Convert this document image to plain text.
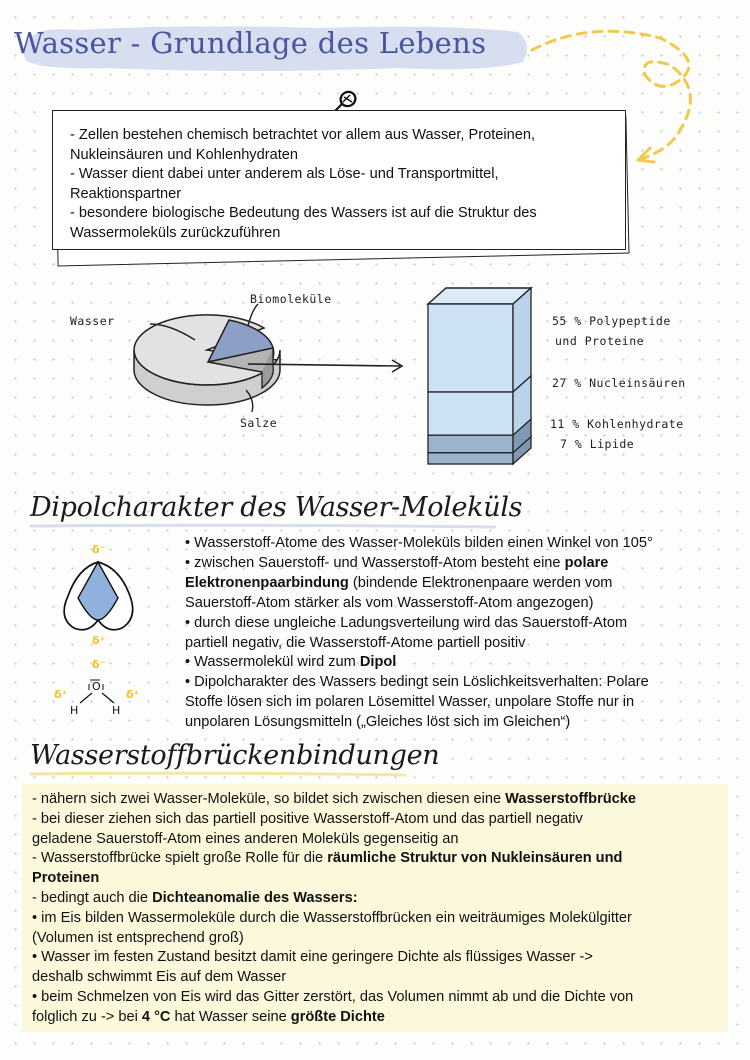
Wasser - Grundlage des Lebens
- Zellen bestehen chemisch betrachtet vor allem aus Wasser, Proteinen,
Nukleinsäuren und Kohlenhydraten
- Wasser dient dabei unter anderem als Löse- und Transportmittel,
Reaktionspartner
- besondere biologische Bedeutung des Wassers ist auf die Struktur des
Wassermoleküls zurückzuführen
Wasser
Biomoleküle
Salze
55 % Polypeptide
und Proteine
27 % Nucleinsäuren
11 % Kohlenhydrate
7 % Lipide
Dipolcharakter des Wasser-Moleküls
δ⁻
δ⁺
δ⁻
δ⁺	δ⁺
O
H	H
• Wasserstoff-Atome des Wasser-Moleküls bilden einen Winkel von 105°
• zwischen Sauerstoff- und Wasserstoff-Atom besteht eine polare
Elektronenpaarbindung (bindende Elektronenpaare werden vom
Sauerstoff-Atom stärker als vom Wasserstoff-Atom angezogen)
• durch diese ungleiche Ladungsverteilung wird das Sauerstoff-Atom
partiell negativ, die Wasserstoff-Atome partiell positiv
• Wassermolekül wird zum Dipol
• Dipolcharakter des Wassers bedingt sein Löslichkeitsverhalten: Polare
Stoffe lösen sich im polaren Lösemittel Wasser, unpolare Stoffe nur in
unpolaren Lösungsmitteln („Gleiches löst sich im Gleichen“)
Wasserstoffbrückenbindungen
- nähern sich zwei Wasser-Moleküle, so bildet sich zwischen diesen eine Wasserstoffbrücke
- bei dieser ziehen sich das partiell positive Wasserstoff-Atom und das partiell negativ
geladene Sauerstoff-Atom eines anderen Moleküls gegenseitig an
- Wasserstoffbrücke spielt große Rolle für die räumliche Struktur von Nukleinsäuren und
Proteinen
- bedingt auch die Dichteanomalie des Wassers:
• im Eis bilden Wassermoleküle durch die Wasserstoffbrücken ein weiträumiges Molekülgitter
(Volumen ist entsprechend groß)
• Wasser im festen Zustand besitzt damit eine geringere Dichte als flüssiges Wasser ->
deshalb schwimmt Eis auf dem Wasser
• beim Schmelzen von Eis wird das Gitter zerstört, das Volumen nimmt ab und die Dichte von
folglich zu -> bei 4 °C hat Wasser seine größte Dichte
